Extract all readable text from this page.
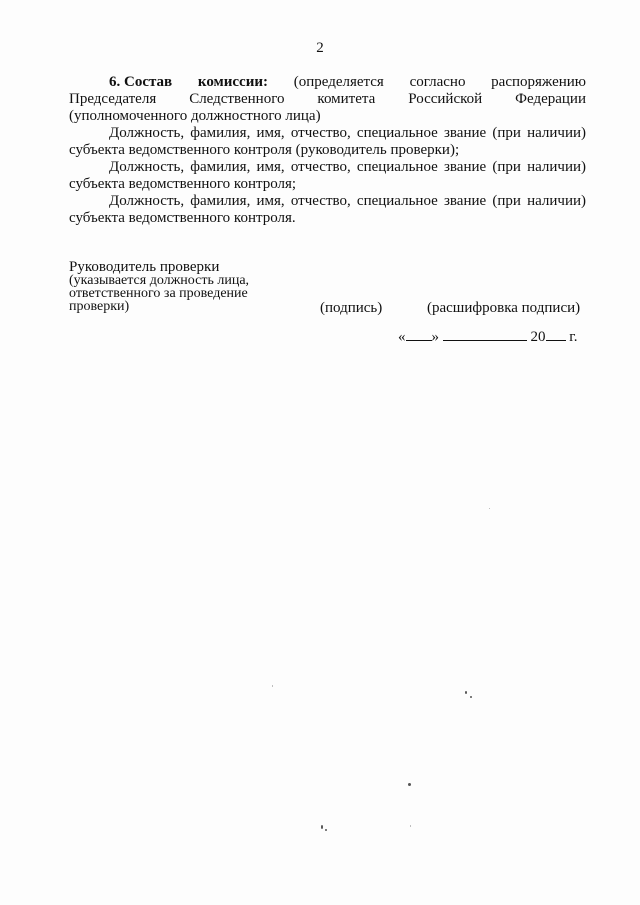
2
6. Состав комиссии: (определяется согласно распоряжению
Председателя Следственного комитета Российской Федерации

(уполномоченного должностного лица)

Должность, фамилия, имя, отчество, специальное звание (при наличии)
субъекта ведомственного контроля (руководитель проверки);

Должность, фамилия, имя, отчество, специальное звание (при наличии)
субъекта ведомственного контроля;

Должность, фамилия, имя, отчество, специальное звание (при наличии)
субъекта ведомственного контроля.

Руководитель проверки
(указывается должность лица,
ответственного за проведение
проверки)	(подпись)	(расшифровка подписи)
« »	20 г.
